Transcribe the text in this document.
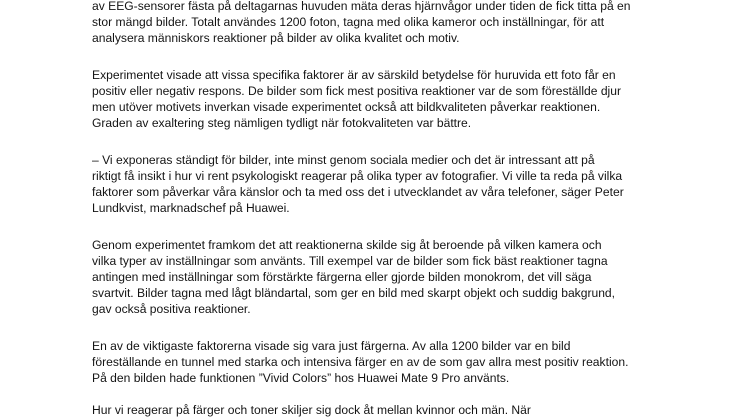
av EEG-sensorer fästa på deltagarnas huvuden mäta deras hjärnvågor under tiden de fick titta på en
stor mängd bilder. Totalt användes 1200 foton, tagna med olika kameror och inställningar, för att
analysera människors reaktioner på bilder av olika kvalitet och motiv.
Experimentet visade att vissa specifika faktorer är av särskild betydelse för huruvida ett foto får en
positiv eller negativ respons. De bilder som fick mest positiva reaktioner var de som föreställde djur
men utöver motivets inverkan visade experimentet också att bildkvaliteten påverkar reaktionen.
Graden av exaltering steg nämligen tydligt när fotokvaliteten var bättre.
– Vi exponeras ständigt för bilder, inte minst genom sociala medier och det är intressant att på
riktigt få insikt i hur vi rent psykologiskt reagerar på olika typer av fotografier. Vi ville ta reda på vilka
faktorer som påverkar våra känslor och ta med oss det i utvecklandet av våra telefoner, säger Peter
Lundkvist, marknadschef på Huawei.
Genom experimentet framkom det att reaktionerna skilde sig åt beroende på vilken kamera och
vilka typer av inställningar som använts. Till exempel var de bilder som fick bäst reaktioner tagna
antingen med inställningar som förstärkte färgerna eller gjorde bilden monokrom, det vill säga
svartvit. Bilder tagna med lågt bländartal, som ger en bild med skarpt objekt och suddig bakgrund,
gav också positiva reaktioner.
En av de viktigaste faktorerna visade sig vara just färgerna. Av alla 1200 bilder var en bild
föreställande en tunnel med starka och intensiva färger en av de som gav allra mest positiv reaktion.
På den bilden hade funktionen ”Vivid Colors” hos Huawei Mate 9 Pro använts.
Hur vi reagerar på färger och toner skiljer sig dock åt mellan kvinnor och män. När
